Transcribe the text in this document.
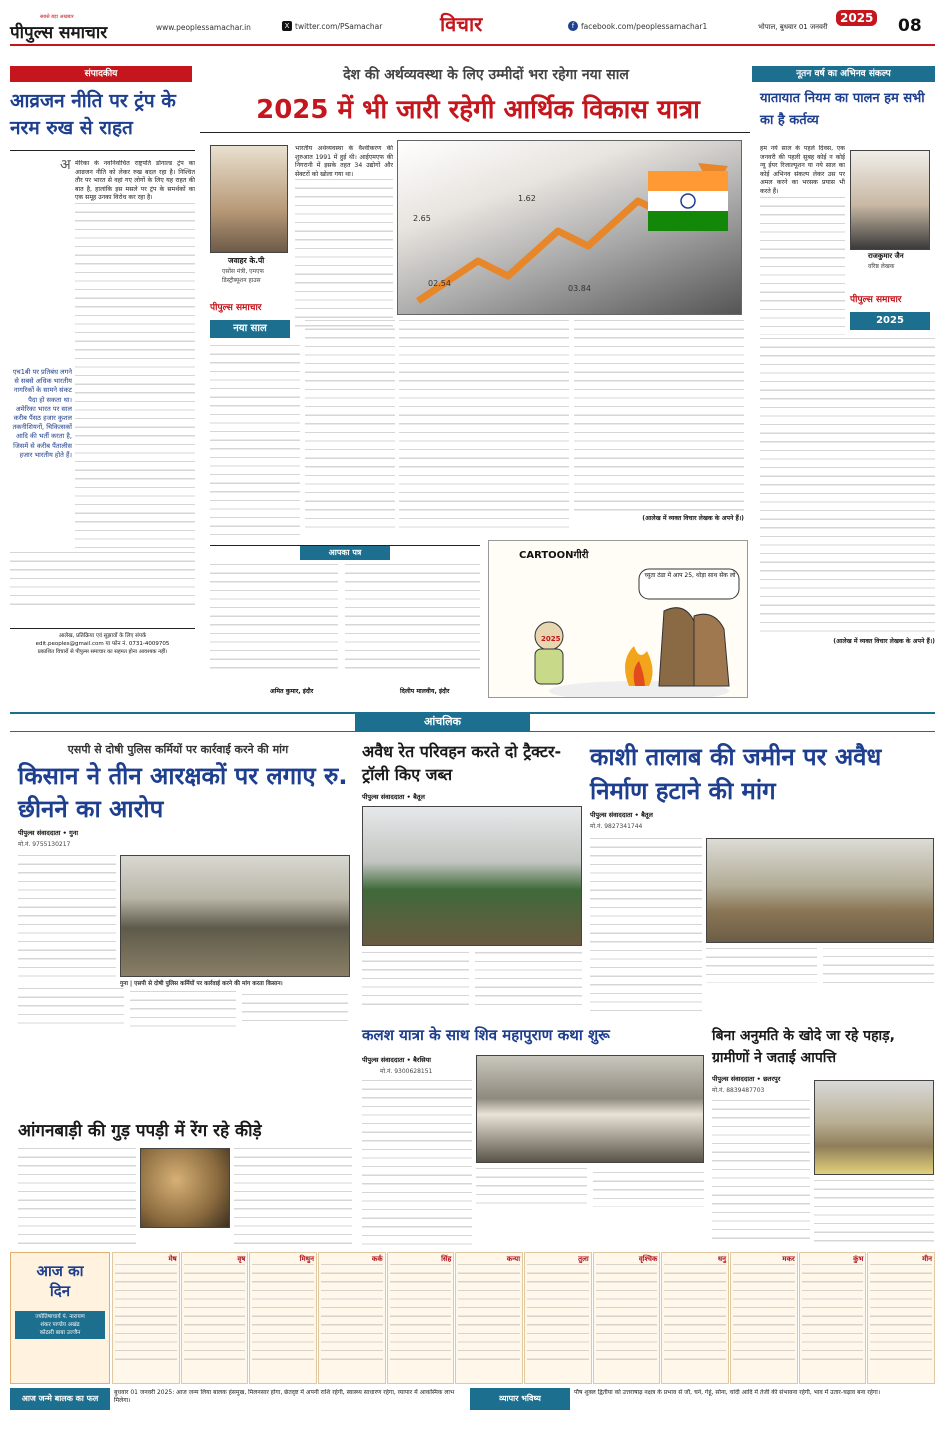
सबसे बड़ा अखबार
पीपुल्स समाचार	www.peoplessamachar.in	X twitter.com/PSamachar	विचार	f facebook.com/peoplessamachar1	भोपाल, बुधवार 01 जनवरी
2025 08
संपादकीय
आव्रजन नीति पर ट्रंप के नरम रुख से राहत
अ मेरिका के नवनिर्वाचित राष्ट्रपति डोनाल्ड ट्रंप का आव्रजन नीति को लेकर रुख बदल रहा है। निश्चित तौर पर भारत से वहां गए लोगों के लिए यह राहत की बात है, हालांकि इस मसले पर ट्रंप के समर्थकों का एक समूह उनका विरोध कर रहा है।
एच1बी पर प्रतिबंध लगने से सबसे अधिक भारतीय नागरिकों के सामने संकट पैदा हो सकता था। अमेरिका भारत पर साल करीब पैंसठ हजार कुशल तकनीशियनों, चिकित्सकों आदि की भर्ती करता है, जिसमें से करीब पैंतालीस हजार भारतीय होते हैं।
आलेख, प्रतिक्रिया एवं सुझावों के लिए संपर्क
edit.peoples@gmail.com या फोन नं. 0731-4009705
प्रकाशित विचारों से पीपुल्स समाचार का सहमत होना आवश्यक नहीं।
देश की अर्थव्यवस्था के लिए उम्मीदों भरा रहेगा नया साल
2025 में भी जारी रहेगी आर्थिक विकास यात्रा
जवाहर के.पी
एसोंस मंत्री, एमएफ
डिस्ट्रीब्यूशन हाउस
पीपुल्स समाचार
नया साल
02.54
03.84
2.65
1.62
भारतीय अर्थव्यवस्था के वैश्वीकरण की शुरुआत 1991 में हुई थी। आईएमएफ की निगरानी में इसके तहत 34 उद्योगों और सेक्टरों को खोला गया था।
(आलेख में व्यक्त विचार लेखक के अपने हैं।)
नूतन वर्ष का अभिनव संकल्प
यातायात नियम का पालन हम सभी का है कर्तव्य
राजकुमार जैन
वरिष्ठ लेखक
पीपुल्स समाचार
2025
हम नये साल के पहले दिवस, एक जनवरी की पहली सुबह कोई न कोई न्यू ईयर रिजाल्यूशन या नये साल का कोई अभिनव संकल्प लेकर उस पर अमल करने का भरसक प्रयास भी करते हैं।
(आलेख में व्यक्त विचार लेखक के अपने हैं।)
आपका पत्र
अमित कुमार, इंदौर	दिलीप मालवीय, इंदौर
CARTOONगीरी
2025
च्युता ठंडा में आप 25, थोड़ा साथ सेंक लो
आंचलिक
एसपी से दोषी पुलिस कर्मियों पर कार्रवाई करने की मांग
किसान ने तीन आरक्षकों पर लगाए रु. छीनने का आरोप
पीपुल्स संवाददाता • गुना
मो.नं. 9755130217
गुना | एसपी से दोषी पुलिस कर्मियों पर कार्रवाई करने की मांग करता किसान।
अवैध रेत परिवहन करते दो ट्रैक्टर-ट्रॉली किए जब्त
पीपुल्स संवाददाता • बैतूल
काशी तालाब की जमीन पर अवैध निर्माण हटाने की मांग
पीपुल्स संवाददाता • बैतूल
मो.नं. 9827341744
आंगनबाड़ी की गुड़ पपड़ी में रेंग रहे कीड़े
कलश यात्रा के साथ शिव महापुराण कथा शुरू
पीपुल्स संवाददाता • बैरसिया
मो.नं. 9300628151
बिना अनुमति के खोदे जा रहे पहाड़, ग्रामीणों ने जताई आपत्ति
पीपुल्स संवाददाता • छतरपुर
मो.नं. 8839487703
आज का
दिन
ज्योतिषाचार्य पं. नारायण
शंकर पाण्डेय अखंड
कोठारी बाबा उज्जैन
मेष	वृष	मिथुन	कर्क	सिंह	कन्या	तुला	वृश्चिक	धनु	मकर	कुंभ	मीन
आज जन्मे बालक का फल
बुधवार 01 जनवरी 2025: आज जन्म लिया बालक हंसमुख, मिलनसार होगा, छेतदृष्ट में अपनी राशि रहेगी, स्वास्थ्य साधारण रहेगा, व्यापार में आकस्मिक लाभ मिलेगा।	व्यापार भविष्य
पौष शुक्ल द्वितीया को उत्तराषाढ़ नक्षत्र के प्रभाव से जौ, चने, गेहूं, सोना, चांदी आदि में तेजी की संभावना रहेगी, भाव में उतार-चढ़ाव बना रहेगा।
